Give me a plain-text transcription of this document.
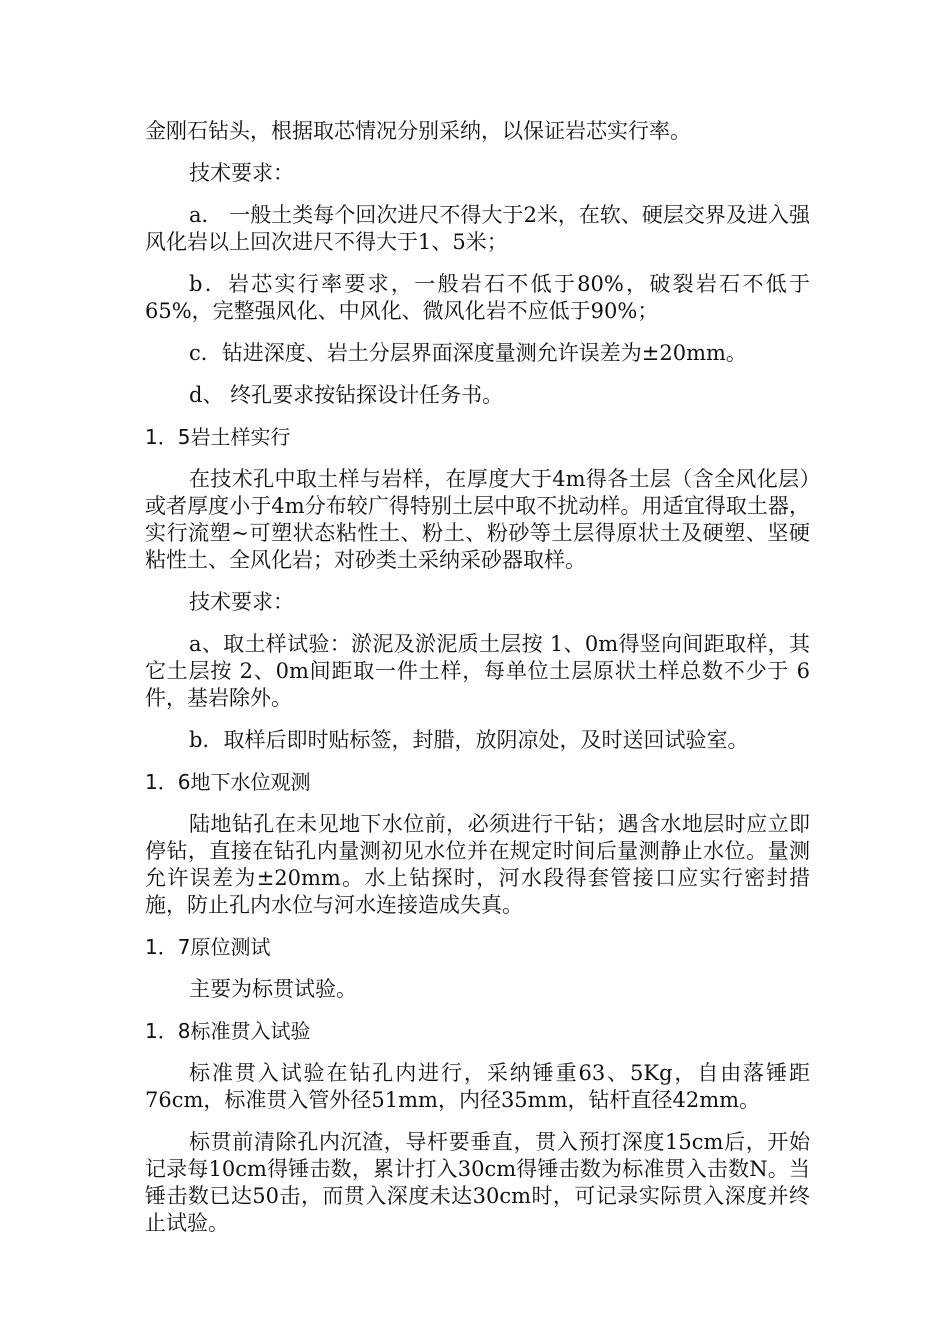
金刚石钻头，根据取芯情况分别采纳，以保证岩芯实行率。

技术要求：

a． 一般土类每个回次进尺不得大于2米，在软、硬层交界及进入强风化岩以上回次进尺不得大于1、5米；

b．岩芯实行率要求，一般岩石不低于80%，破裂岩石不低于65%，完整强风化、中风化、微风化岩不应低于90%；

c．钻进深度、岩土分层界面深度量测允许误差为±20mm。

d、 终孔要求按钻探设计任务书。

1．5岩土样实行

在技术孔中取土样与岩样，在厚度大于4m得各土层（含全风化层）或者厚度小于4m分布较广得特别土层中取不扰动样。用适宜得取土器，实行流塑~可塑状态粘性土、粉土、粉砂等土层得原状土及硬塑、坚硬粘性土、全风化岩；对砂类土采纳采砂器取样。

技术要求：

a、取土样试验：淤泥及淤泥质土层按 1、0m得竖向间距取样，其它土层按 2、0m间距取一件土样，每单位土层原状土样总数不少于 6件，基岩除外。

b．取样后即时贴标签，封腊，放阴凉处，及时送回试验室。

1．6地下水位观测

陆地钻孔在未见地下水位前，必须进行干钻；遇含水地层时应立即停钻，直接在钻孔内量测初见水位并在规定时间后量测静止水位。量测允许误差为±20mm。水上钻探时，河水段得套管接口应实行密封措施，防止孔内水位与河水连接造成失真。

1．7原位测试

主要为标贯试验。

1．8标准贯入试验

标准贯入试验在钻孔内进行，采纳锤重63、5Kg，自由落锤距76cm，标准贯入管外径51mm，内径35mm，钻杆直径42mm。

标贯前清除孔内沉渣，导杆要垂直，贯入预打深度15cm后，开始记录每10cm得锤击数，累计打入30cm得锤击数为标准贯入击数N。当锤击数已达50击，而贯入深度未达30cm时，可记录实际贯入深度并终止试验。
